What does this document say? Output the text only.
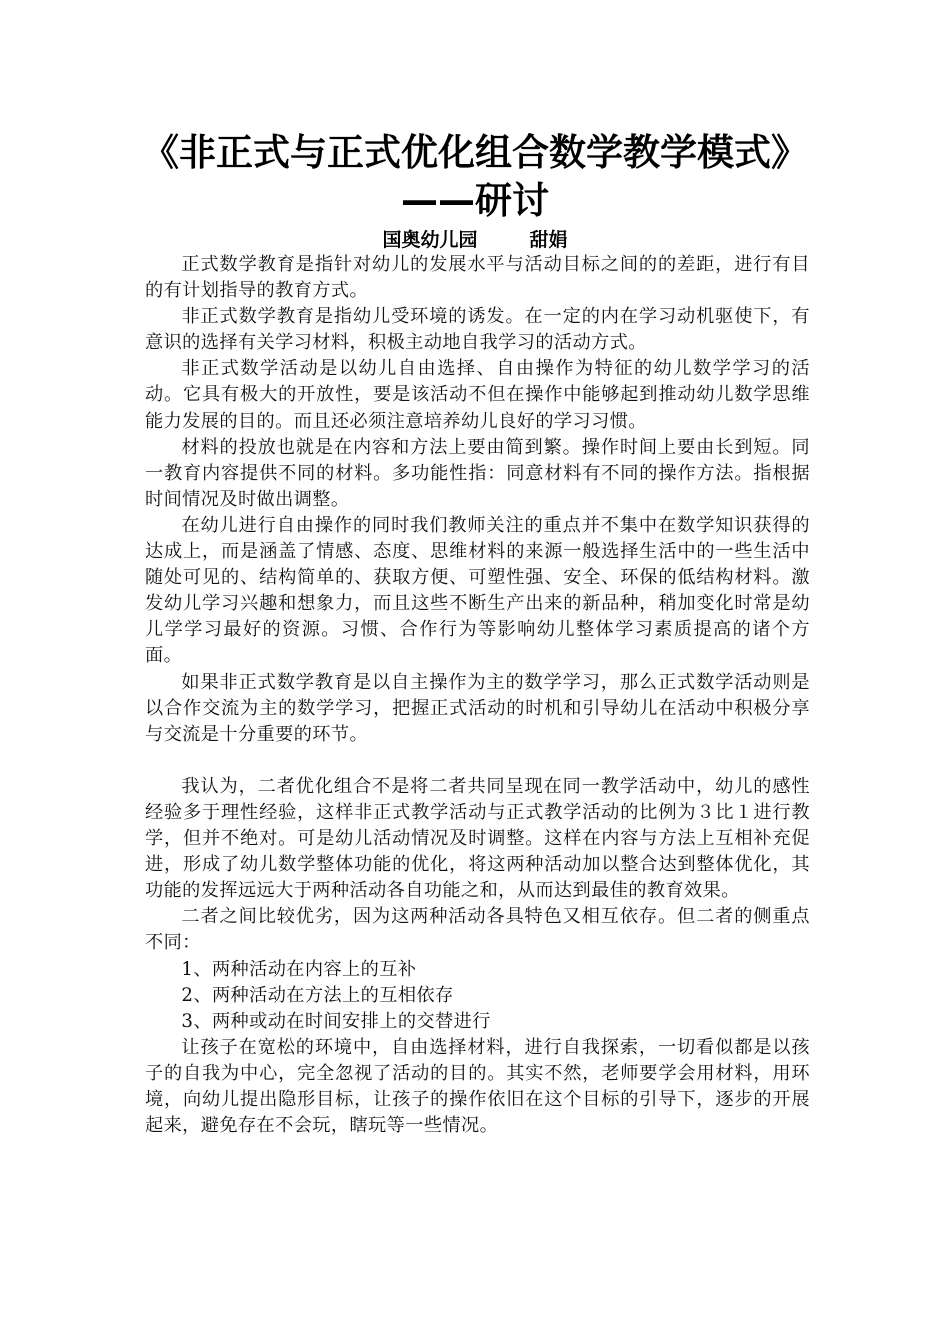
《非正式与正式优化组合数学教学模式》
——研讨
国奥幼儿园	甜娟

正式数学教育是指针对幼儿的发展水平与活动目标之间的的差距，进行有目的有计划指导的教育方式。

非正式数学教育是指幼儿受环境的诱发。在一定的内在学习动机驱使下，有意识的选择有关学习材料，积极主动地自我学习的活动方式。

非正式数学活动是以幼儿自由选择、自由操作为特征的幼儿数学学习的活动。它具有极大的开放性，要是该活动不但在操作中能够起到推动幼儿数学思维能力发展的目的。而且还必须注意培养幼儿良好的学习习惯。

材料的投放也就是在内容和方法上要由简到繁。操作时间上要由长到短。同一教育内容提供不同的材料。多功能性指：同意材料有不同的操作方法。指根据时间情况及时做出调整。

在幼儿进行自由操作的同时我们教师关注的重点并不集中在数学知识获得的达成上，而是涵盖了情感、态度、思维材料的来源一般选择生活中的一些生活中随处可见的、结构简单的、获取方便、可塑性强、安全、环保的低结构材料。激发幼儿学习兴趣和想象力，而且这些不断生产出来的新品种，稍加变化时常是幼儿学学习最好的资源。习惯、合作行为等影响幼儿整体学习素质提高的诸个方面。

如果非正式数学教育是以自主操作为主的数学学习，那么正式数学活动则是以合作交流为主的数学学习，把握正式活动的时机和引导幼儿在活动中积极分享与交流是十分重要的环节。

我认为，二者优化组合不是将二者共同呈现在同一教学活动中，幼儿的感性经验多于理性经验，这样非正式教学活动与正式教学活动的比例为３比１进行教学，但并不绝对。可是幼儿活动情况及时调整。这样在内容与方法上互相补充促进，形成了幼儿数学整体功能的优化，将这两种活动加以整合达到整体优化，其功能的发挥远远大于两种活动各自功能之和，从而达到最佳的教育效果。

二者之间比较优劣，因为这两种活动各具特色又相互依存。但二者的侧重点不同：

1、两种活动在内容上的互补

2、两种活动在方法上的互相依存

3、两种或动在时间安排上的交替进行

让孩子在宽松的环境中，自由选择材料，进行自我探索，一切看似都是以孩子的自我为中心，完全忽视了活动的目的。其实不然，老师要学会用材料，用环境，向幼儿提出隐形目标，让孩子的操作依旧在这个目标的引导下，逐步的开展起来，避免存在不会玩，瞎玩等一些情况。
